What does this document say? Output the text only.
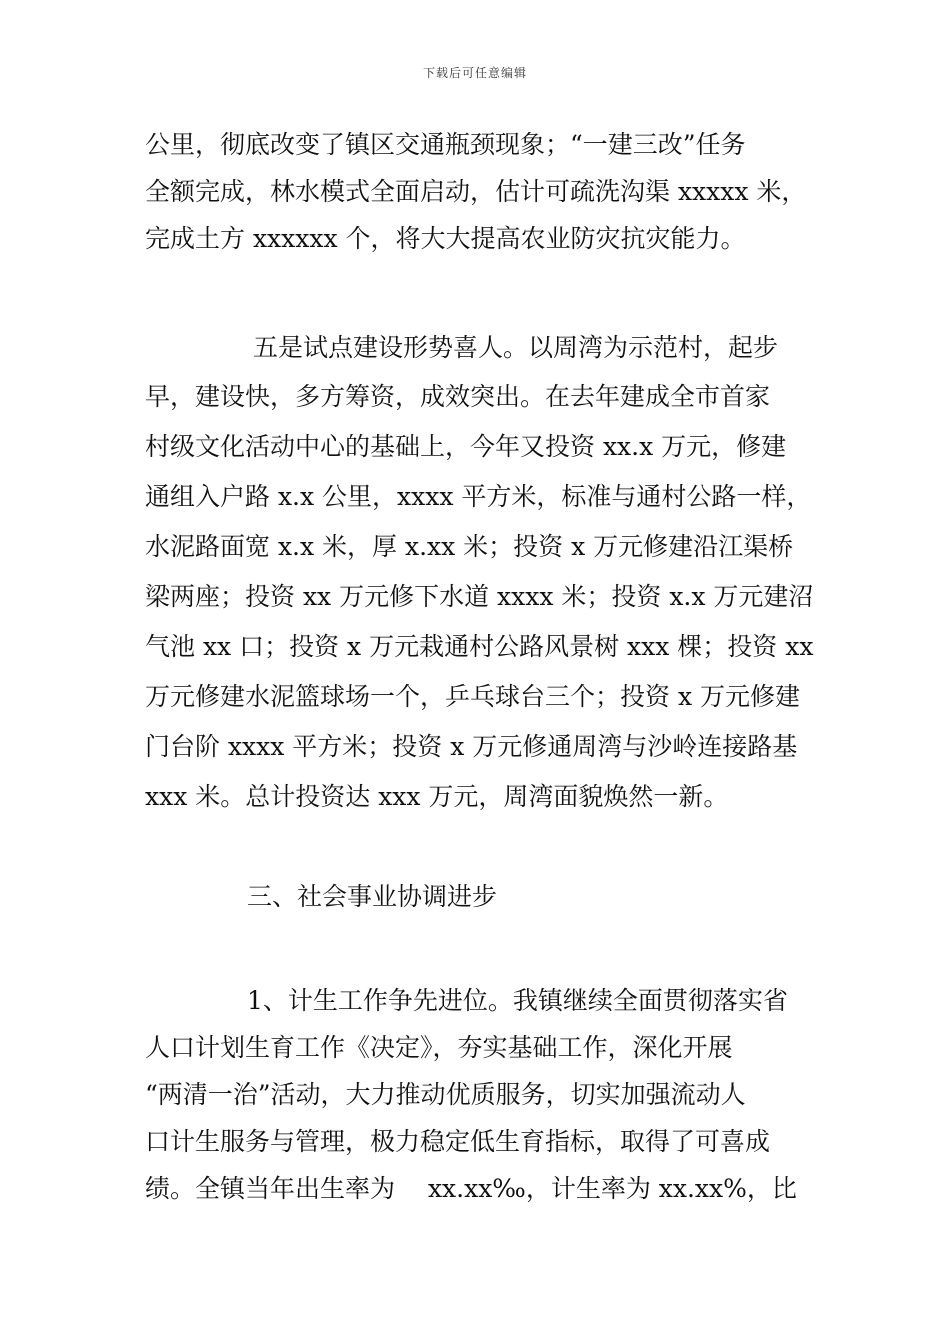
下载后可任意编辑
公里，彻底改变了镇区交通瓶颈现象；“一建三改”任务
全额完成，林水模式全面启动，估计可疏洗沟渠 xxxxx 米，
完成土方 xxxxxx 个，将大大提高农业防灾抗灾能力。
五是试点建设形势喜人。以周湾为示范村，起步
早，建设快，多方筹资，成效突出。在去年建成全市首家
村级文化活动中心的基础上，今年又投资 xx.x 万元，修建
通组入户路 x.x 公里，xxxx 平方米，标准与通村公路一样，
水泥路面宽 x.x 米，厚 x.xx 米；投资 x 万元修建沿江渠桥
梁两座；投资 xx 万元修下水道 xxxx 米；投资 x.x 万元建沼
气池 xx 口；投资 x 万元栽通村公路风景树 xxx 棵；投资 xx
万元修建水泥篮球场一个，乒乓球台三个；投资 x 万元修建
门台阶 xxxx 平方米；投资 x 万元修通周湾与沙岭连接路基
xxx 米。总计投资达 xxx 万元，周湾面貌焕然一新。
三、社会事业协调进步
1、计生工作争先进位。我镇继续全面贯彻落实省
人口计划生育工作《决定》，夯实基础工作，深化开展
“两清一治”活动，大力推动优质服务，切实加强流动人
口计生服务与管理，极力稳定低生育指标，取得了可喜成
绩。全镇当年出生率为　 xx.xx‰，计生率为 xx.xx%，比
